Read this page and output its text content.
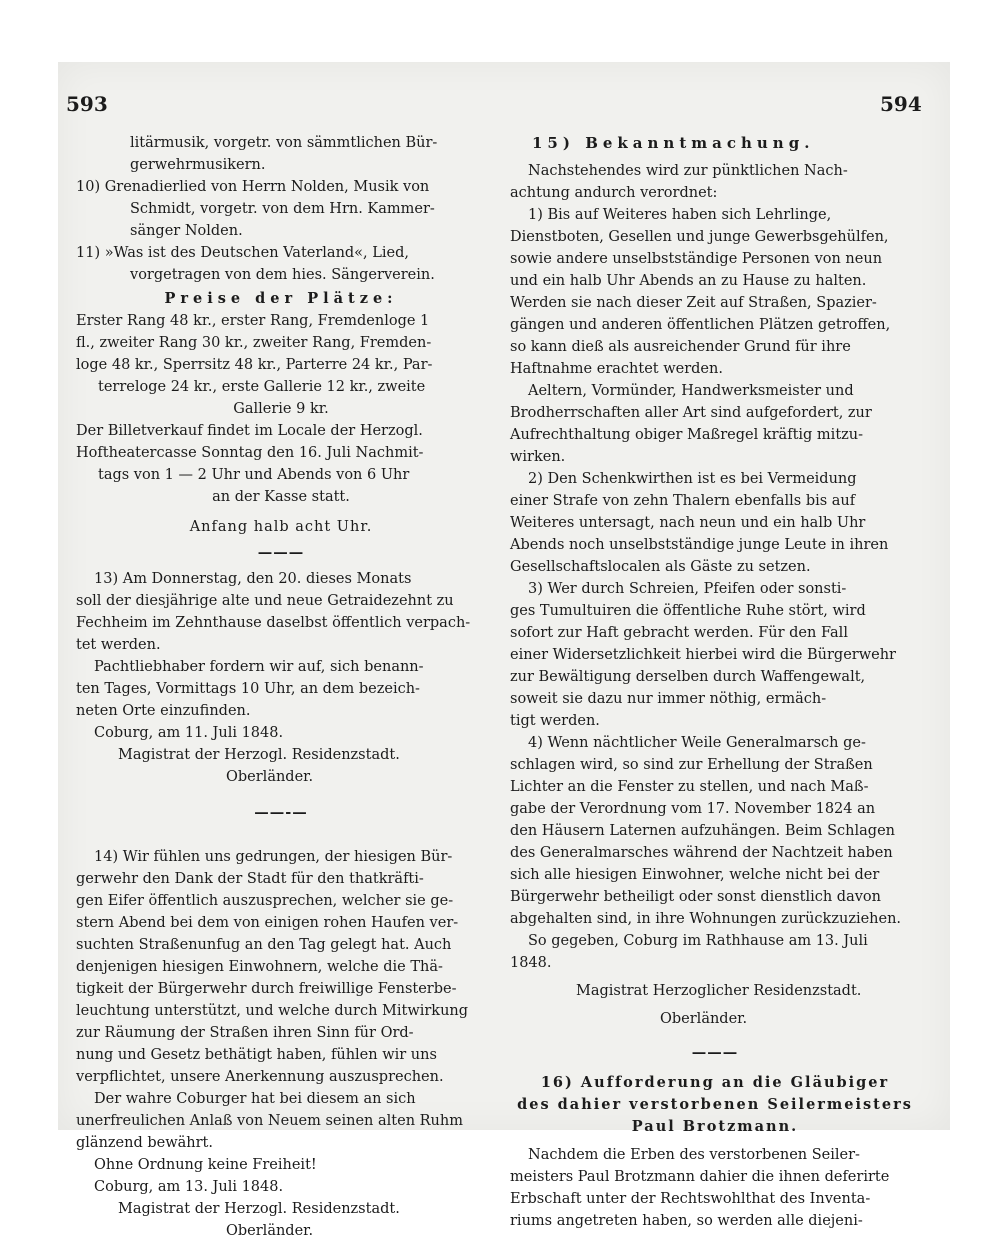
593	594
litärmusik, vorgetr. von sämmtlichen Bür-
gerwehrmusikern.
10) Grenadierlied von Herrn Nolden, Musik von
Schmidt, vorgetr. von dem Hrn. Kammer-
sänger Nolden.
11) »Was ist des Deutschen Vaterland«, Lied,
vorgetragen von dem hies. Sängerverein.
Preise der Plätze:
Erster Rang 48 kr., erster Rang, Fremdenloge 1
fl., zweiter Rang 30 kr., zweiter Rang, Fremden-
loge 48 kr., Sperrsitz 48 kr., Parterre 24 kr., Par-
terreloge 24 kr., erste Gallerie 12 kr., zweite
Gallerie 9 kr.
Der Billetverkauf findet im Locale der Herzogl.
Hoftheatercasse Sonntag den 16. Juli Nachmit-
tags von 1 — 2 Uhr und Abends von 6 Uhr
an der Kasse statt.
Anfang halb acht Uhr.
———
13) Am Donnerstag, den 20. dieses Monats
soll der diesjährige alte und neue Getraidezehnt zu
Fechheim im Zehnthause daselbst öffentlich verpach-
tet werden.
Pachtliebhaber fordern wir auf, sich benann-
ten Tages, Vormittags 10 Uhr, an dem bezeich-
neten Orte einzufinden.
Coburg, am 11. Juli 1848.
Magistrat der Herzogl. Residenzstadt.
Oberländer.
——-—
14) Wir fühlen uns gedrungen, der hiesigen Bür-
gerwehr den Dank der Stadt für den thatkräfti-
gen Eifer öffentlich auszusprechen, welcher sie ge-
stern Abend bei dem von einigen rohen Haufen ver-
suchten Straßenunfug an den Tag gelegt hat. Auch
denjenigen hiesigen Einwohnern, welche die Thä-
tigkeit der Bürgerwehr durch freiwillige Fensterbe-
leuchtung unterstützt, und welche durch Mitwirkung
zur Räumung der Straßen ihren Sinn für Ord-
nung und Gesetz bethätigt haben, fühlen wir uns
verpflichtet, unsere Anerkennung auszusprechen.
Der wahre Coburger hat bei diesem an sich
unerfreulichen Anlaß von Neuem seinen alten Ruhm
glänzend bewährt.
Ohne Ordnung keine Freiheit!
Coburg, am 13. Juli 1848.
Magistrat der Herzogl. Residenzstadt.
Oberländer.
15) Bekanntmachung.
Nachstehendes wird zur pünktlichen Nach-
achtung andurch verordnet:
1) Bis auf Weiteres haben sich Lehrlinge,
Dienstboten, Gesellen und junge Gewerbsgehülfen,
sowie andere unselbstständige Personen von neun
und ein halb Uhr Abends an zu Hause zu halten.
Werden sie nach dieser Zeit auf Straßen, Spazier-
gängen und anderen öffentlichen Plätzen getroffen,
so kann dieß als ausreichender Grund für ihre
Haftnahme erachtet werden.
Aeltern, Vormünder, Handwerksmeister und
Brodherrschaften aller Art sind aufgefordert, zur
Aufrechthaltung obiger Maßregel kräftig mitzu-
wirken.
2) Den Schenkwirthen ist es bei Vermeidung
einer Strafe von zehn Thalern ebenfalls bis auf
Weiteres untersagt, nach neun und ein halb Uhr
Abends noch unselbstständige junge Leute in ihren
Gesellschaftslocalen als Gäste zu setzen.
3) Wer durch Schreien, Pfeifen oder sonsti-
ges Tumultuiren die öffentliche Ruhe stört, wird
sofort zur Haft gebracht werden. Für den Fall
einer Widersetzlichkeit hierbei wird die Bürgerwehr
zur Bewältigung derselben durch Waffengewalt,
soweit sie dazu nur immer nöthig, ermäch-
tigt werden.
4) Wenn nächtlicher Weile Generalmarsch ge-
schlagen wird, so sind zur Erhellung der Straßen
Lichter an die Fenster zu stellen, und nach Maß-
gabe der Verordnung vom 17. November 1824 an
den Häusern Laternen aufzuhängen. Beim Schlagen
des Generalmarsches während der Nachtzeit haben
sich alle hiesigen Einwohner, welche nicht bei der
Bürgerwehr betheiligt oder sonst dienstlich davon
abgehalten sind, in ihre Wohnungen zurückzuziehen.
So gegeben, Coburg im Rathhause am 13. Juli
1848.
Magistrat Herzoglicher Residenzstadt.
Oberländer.
———
16) Aufforderung an die Gläubiger
des dahier verstorbenen Seilermeisters
Paul Brotzmann.
Nachdem die Erben des verstorbenen Seiler-
meisters Paul Brotzmann dahier die ihnen deferirte
Erbschaft unter der Rechtswohlthat des Inventa-
riums angetreten haben, so werden alle diejeni-
